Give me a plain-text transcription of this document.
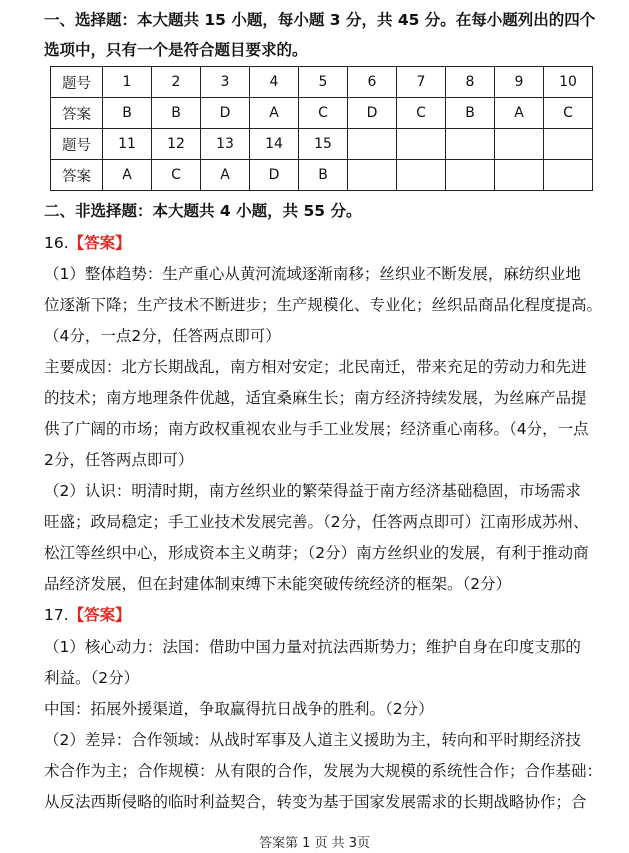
一、选择题：本大题共 15 小题，每小题 3 分，共 45 分。在每小题列出的四个
选项中，只有一个是符合题目要求的。
题号	1	2	3	4	5	6	7	8	9	10
答案	B	B	D	A	C	D	C	B	A	C
题号	11	12	13	14	15					
答案	A	C	A	D	B					
二、非选择题：本大题共 4 小题，共 55 分。
16.【答案】
（1）整体趋势：生产重心从黄河流域逐渐南移；丝织业不断发展，麻纺织业地
位逐渐下降；生产技术不断进步；生产规模化、专业化；丝织品商品化程度提高。
（4分，一点2分，任答两点即可）
主要成因：北方长期战乱，南方相对安定；北民南迁，带来充足的劳动力和先进
的技术；南方地理条件优越，适宜桑麻生长；南方经济持续发展，为丝麻产品提
供了广阔的市场；南方政权重视农业与手工业发展；经济重心南移。（4分，一点
2分，任答两点即可）
（2）认识：明清时期，南方丝织业的繁荣得益于南方经济基础稳固，市场需求
旺盛；政局稳定；手工业技术发展完善。（2分，任答两点即可）江南形成苏州、
松江等丝织中心，形成资本主义萌芽；（2分）南方丝织业的发展，有利于推动商
品经济发展，但在封建体制束缚下未能突破传统经济的框架。（2分）
17.【答案】
（1）核心动力：法国：借助中国力量对抗法西斯势力；维护自身在印度支那的
利益。（2分）
中国：拓展外援渠道，争取赢得抗日战争的胜利。（2分）
（2）差异：合作领域：从战时军事及人道主义援助为主，转向和平时期经济技
术合作为主；合作规模：从有限的合作，发展为大规模的系统性合作；合作基础：
从反法西斯侵略的临时利益契合，转变为基于国家发展需求的长期战略协作；合
答案第 1 页 共 3页
